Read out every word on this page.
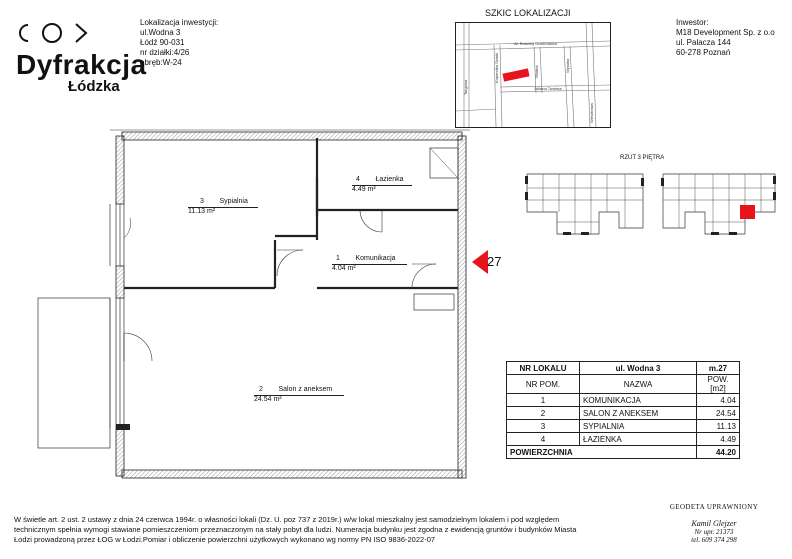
Dyfrakcja
Łódzka
Lokalizacja inwestycji:
ul.Wodna 3
Łódź 90-031
nr działki:4/26
obręb:W-24
SZKIC LOKALIZACJI
Al. Rodziny Grohmanów
Kopernika Sztuki
Targowa
Wodna
Juliana Tuwima
Wysoka
Wierzbowa
Inwestor:
M18 Development Sp. z o.o
ul. Palacza 144
60-278 Poznań
3 Sypialnia
11.13 m²
4 Łazienka
4.49 m²
1 Komunikacja
4.04 m²
2 Salon z aneksem
24.54 m²
27
RZUT 3 PIĘTRA
NR LOKALU	ul. Wodna 3	m.27
NR POM.	NAZWA	POW. [m2]
1	KOMUNIKACJA	4.04
2	SALON Z ANEKSEM	24.54
3	SYPIALNIA	11.13
4	ŁAZIENKA	4.49
POWIERZCHNIA		44.20
W świetle art. 2 ust. 2 ustawy z dnia 24 czerwca 1994r. o własności lokali (Dz. U. poz 737 z 2019r.) w/w lokal mieszkalny jest samodzielnym lokalem i pod względem
technicznym spełnia wymogi stawiane pomieszczeniom przeznaczonym na stały pobyt dla ludzi. Numeracja budynku jest zgodna z ewidencją gruntów i budynków Miasta
Łodzi prowadzoną przez ŁOG w Łodzi.Pomiar i obliczenie powierzchni użytkowych wykonano wg normy PN ISO 9836-2022-07
GEODETA UPRAWNIONY
Kamil Glejzer
Nr upr. 21373
tel. 609 374 298
